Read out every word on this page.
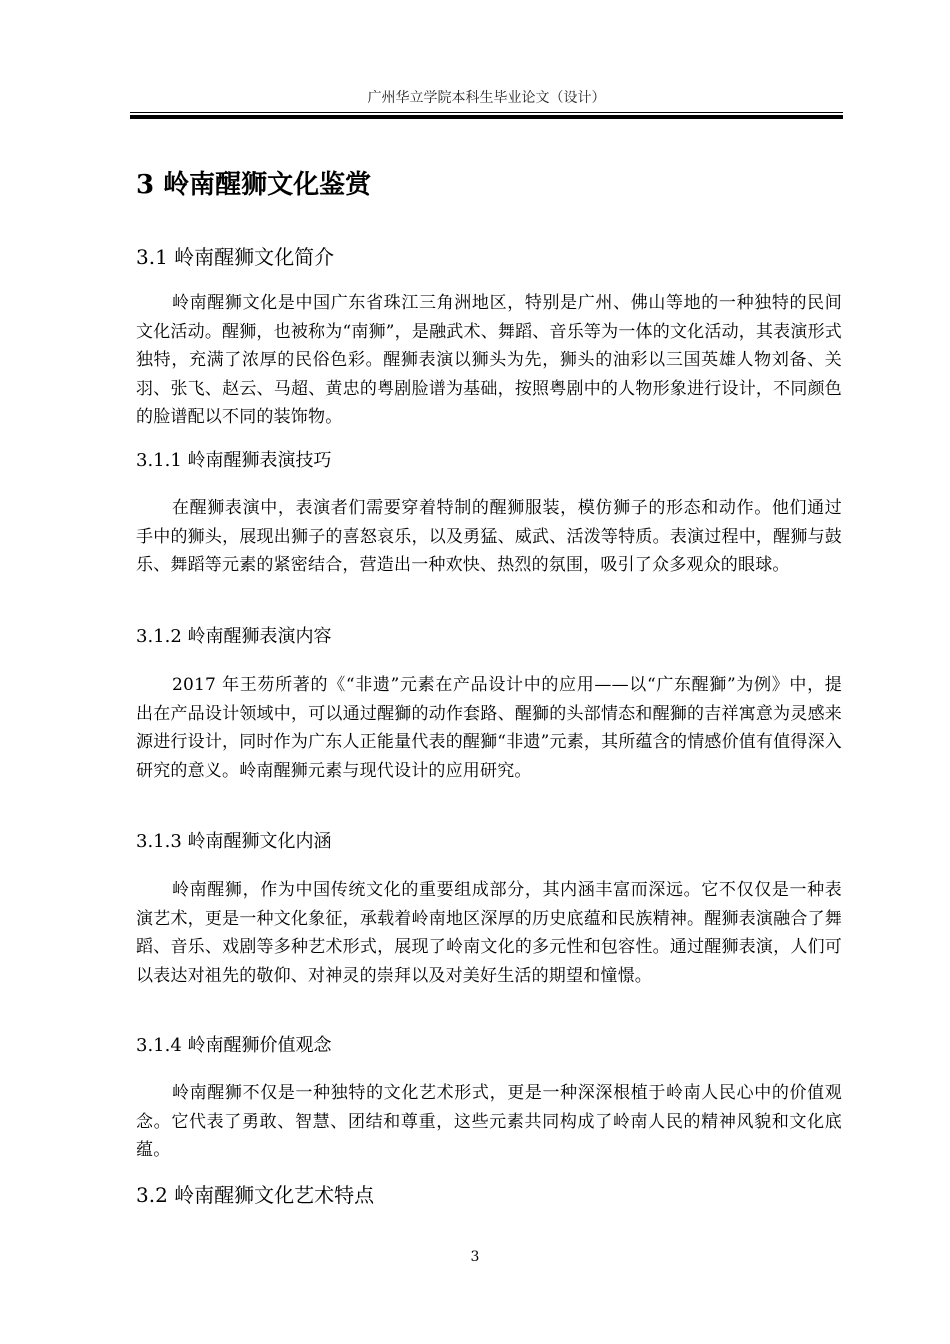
广州华立学院本科生毕业论文（设计）
3 岭南醒狮文化鉴赏
3.1 岭南醒狮文化简介

岭南醒狮文化是中国广东省珠江三角洲地区，特别是广州、佛山等地的一种独特的民间文化活动。醒狮，也被称为“南狮”，是融武术、舞蹈、音乐等为一体的文化活动，其表演形式独特，充满了浓厚的民俗色彩。醒狮表演以狮头为先，狮头的油彩以三国英雄人物刘备、关羽、张飞、赵云、马超、黄忠的粤剧脸谱为基础，按照粤剧中的人物形象进行设计，不同颜色的脸谱配以不同的装饰物。

3.1.1 岭南醒狮表演技巧

在醒狮表演中，表演者们需要穿着特制的醒狮服装，模仿狮子的形态和动作。他们通过手中的狮头，展现出狮子的喜怒哀乐，以及勇猛、威武、活泼等特质。表演过程中，醒狮与鼓乐、舞蹈等元素的紧密结合，营造出一种欢快、热烈的氛围，吸引了众多观众的眼球。

3.1.2 岭南醒狮表演内容

2017 年王芴所著的《“非遗”元素在产品设计中的应用——以“广东醒獅”为例》中，提出在产品设计领域中，可以通过醒獅的动作套路、醒獅的头部情态和醒獅的吉祥寓意为灵感来源进行设计，同时作为广东人正能量代表的醒獅“非遗”元素，其所蕴含的情感价值有值得深入研究的意义。岭南醒狮元素与现代设计的应用研究。

3.1.3 岭南醒狮文化内涵

岭南醒狮，作为中国传统文化的重要组成部分，其内涵丰富而深远。它不仅仅是一种表演艺术，更是一种文化象征，承载着岭南地区深厚的历史底蕴和民族精神。醒狮表演融合了舞蹈、音乐、戏剧等多种艺术形式，展现了岭南文化的多元性和包容性。通过醒狮表演，人们可以表达对祖先的敬仰、对神灵的崇拜以及对美好生活的期望和憧憬。

3.1.4 岭南醒狮价值观念

岭南醒狮不仅是一种独特的文化艺术形式，更是一种深深根植于岭南人民心中的价值观念。它代表了勇敢、智慧、团结和尊重，这些元素共同构成了岭南人民的精神风貌和文化底蕴。

3.2 岭南醒狮文化艺术特点
3
